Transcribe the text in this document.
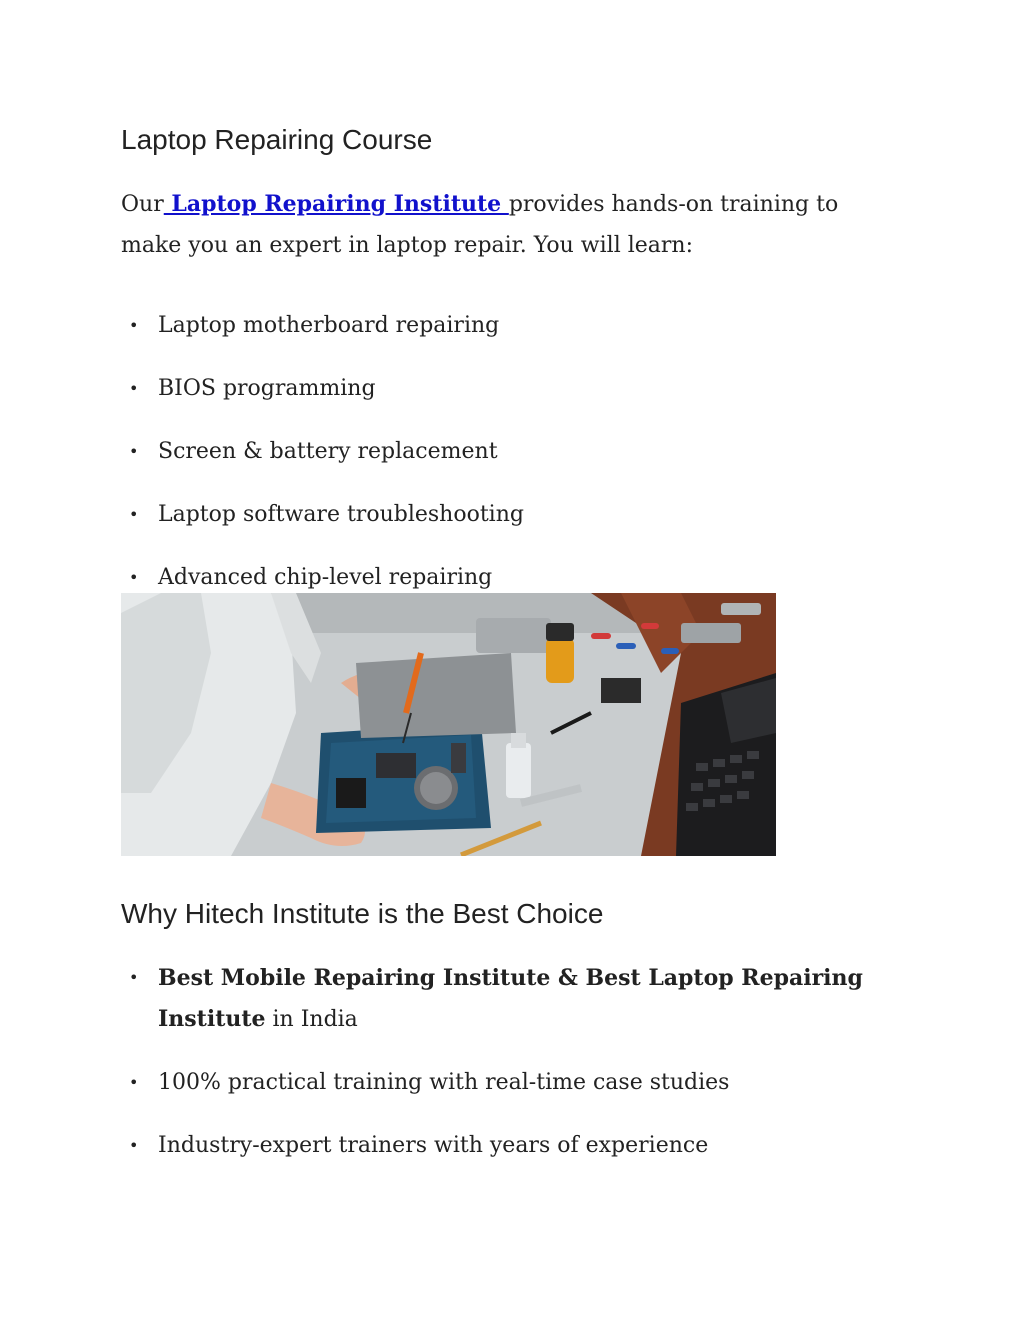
Laptop Repairing Course

Our Laptop Repairing Institute provides hands-on training to make you an expert in laptop repair. You will learn:

• Laptop motherboard repairing
• BIOS programming
• Screen & battery replacement
• Laptop software troubleshooting
• Advanced chip-level repairing
Why Hitech Institute is the Best Choice
• Best Mobile Repairing Institute & Best Laptop Repairing Institute in India
• 100% practical training with real-time case studies
• Industry-expert trainers with years of experience
